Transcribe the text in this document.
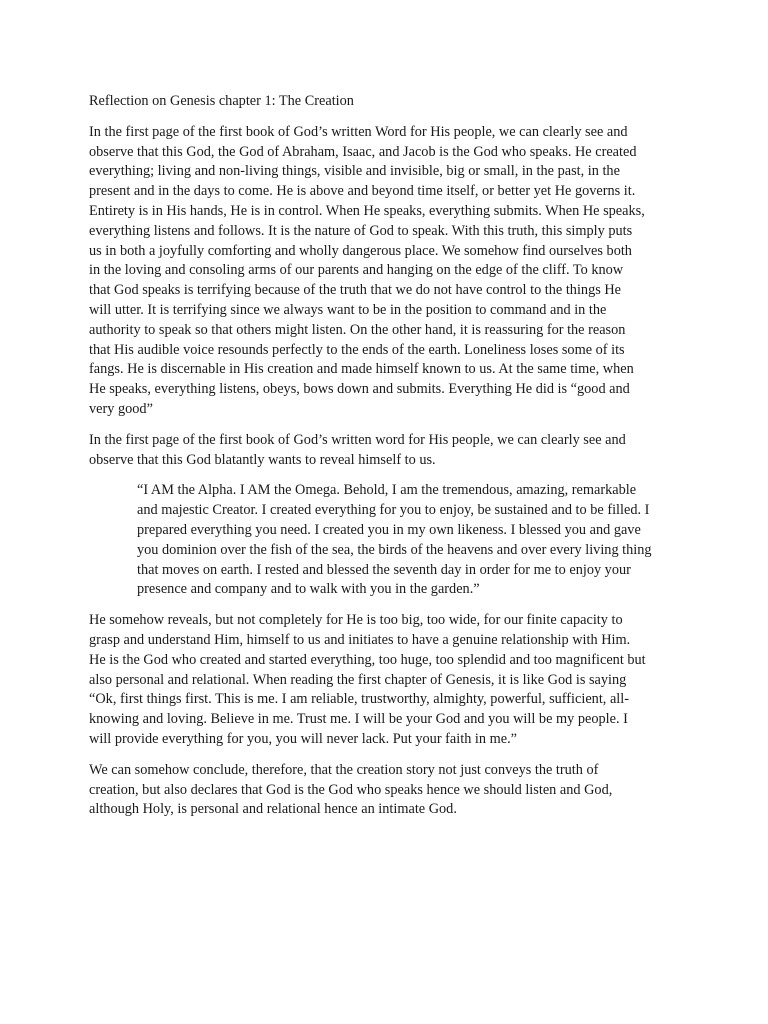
Reflection on Genesis chapter 1: The Creation
In the first page of the first book of God’s written Word for His people, we can clearly see and
observe that this God, the God of Abraham, Isaac, and Jacob is the God who speaks. He created
everything; living and non-living things, visible and invisible, big or small, in the past, in the
present and in the days to come. He is above and beyond time itself, or better yet He governs it.
Entirety is in His hands, He is in control. When He speaks, everything submits. When He speaks,
everything listens and follows. It is the nature of God to speak. With this truth, this simply puts
us in both a joyfully comforting and wholly dangerous place. We somehow find ourselves both
in the loving and consoling arms of our parents and hanging on the edge of the cliff. To know
that God speaks is terrifying because of the truth that we do not have control to the things He
will utter. It is terrifying since we always want to be in the position to command and in the
authority to speak so that others might listen. On the other hand, it is reassuring for the reason
that His audible voice resounds perfectly to the ends of the earth. Loneliness loses some of its
fangs. He is discernable in His creation and made himself known to us. At the same time, when
He speaks, everything listens, obeys, bows down and submits. Everything He did is “good and
very good”
In the first page of the first book of God’s written word for His people, we can clearly see and
observe that this God blatantly wants to reveal himself to us.
“I AM the Alpha. I AM the Omega. Behold, I am the tremendous, amazing, remarkable
and majestic Creator. I created everything for you to enjoy, be sustained and to be filled. I
prepared everything you need. I created you in my own likeness. I blessed you and gave
you dominion over the fish of the sea, the birds of the heavens and over every living thing
that moves on earth. I rested and blessed the seventh day in order for me to enjoy your
presence and company and to walk with you in the garden.”
He somehow reveals, but not completely for He is too big, too wide, for our finite capacity to
grasp and understand Him, himself to us and initiates to have a genuine relationship with Him.
He is the God who created and started everything, too huge, too splendid and too magnificent but
also personal and relational. When reading the first chapter of Genesis, it is like God is saying
“Ok, first things first. This is me. I am reliable, trustworthy, almighty, powerful, sufficient, all-
knowing and loving. Believe in me. Trust me. I will be your God and you will be my people. I
will provide everything for you, you will never lack. Put your faith in me.”
We can somehow conclude, therefore, that the creation story not just conveys the truth of
creation, but also declares that God is the God who speaks hence we should listen and God,
although Holy, is personal and relational hence an intimate God.
